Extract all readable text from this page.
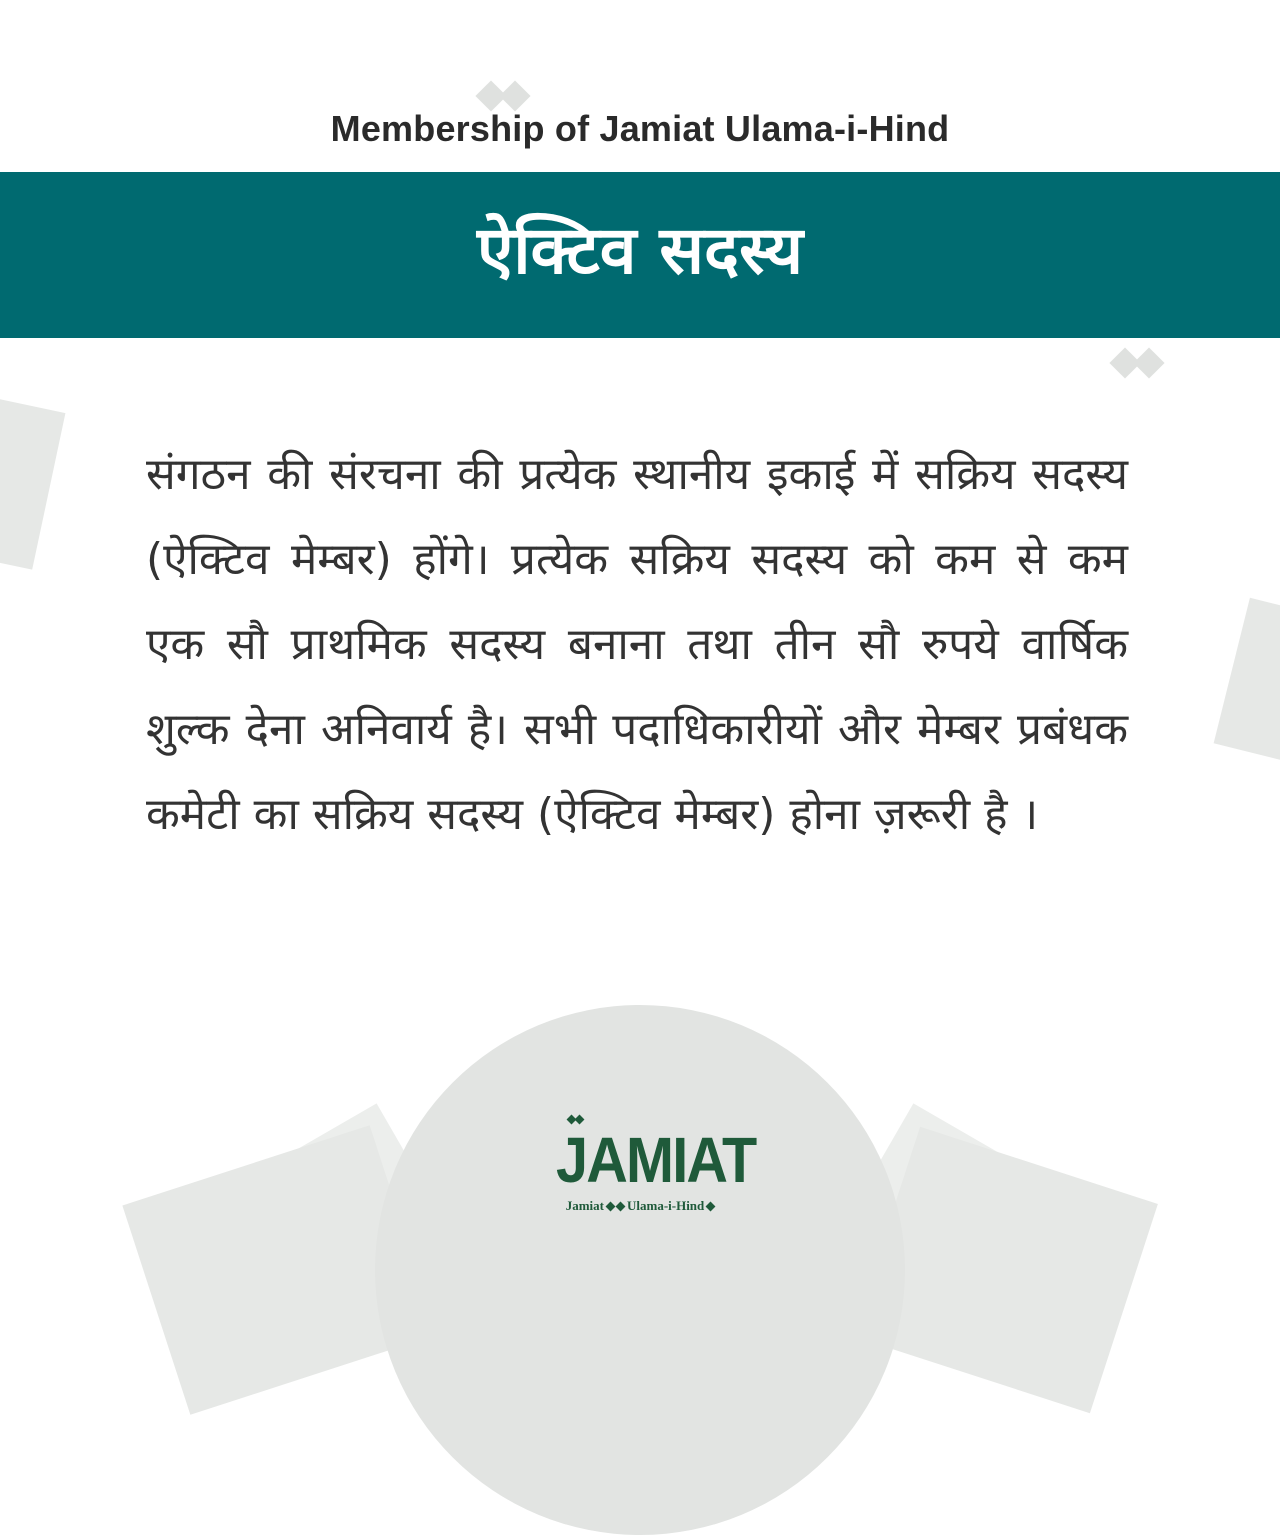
Membership of Jamiat Ulama-i-Hind
ऐक्टिव सदस्य
संगठन की संरचना की प्रत्येक स्थानीय इकाई में सक्रिय सदस्य (ऐक्टिव मेम्बर) होंगे। प्रत्येक सक्रिय सदस्य को कम से कम एक सौ प्राथमिक सदस्य बनाना तथा तीन सौ रुपये वार्षिक शुल्क देना अनिवार्य है। सभी पदाधिकारीयों और मेम्बर प्रबंधक कमेटी का सक्रिय सदस्य (ऐक्टिव मेम्बर) होना ज़रूरी है ।
JAMIAT
Jamiat Ulama-i-Hind
